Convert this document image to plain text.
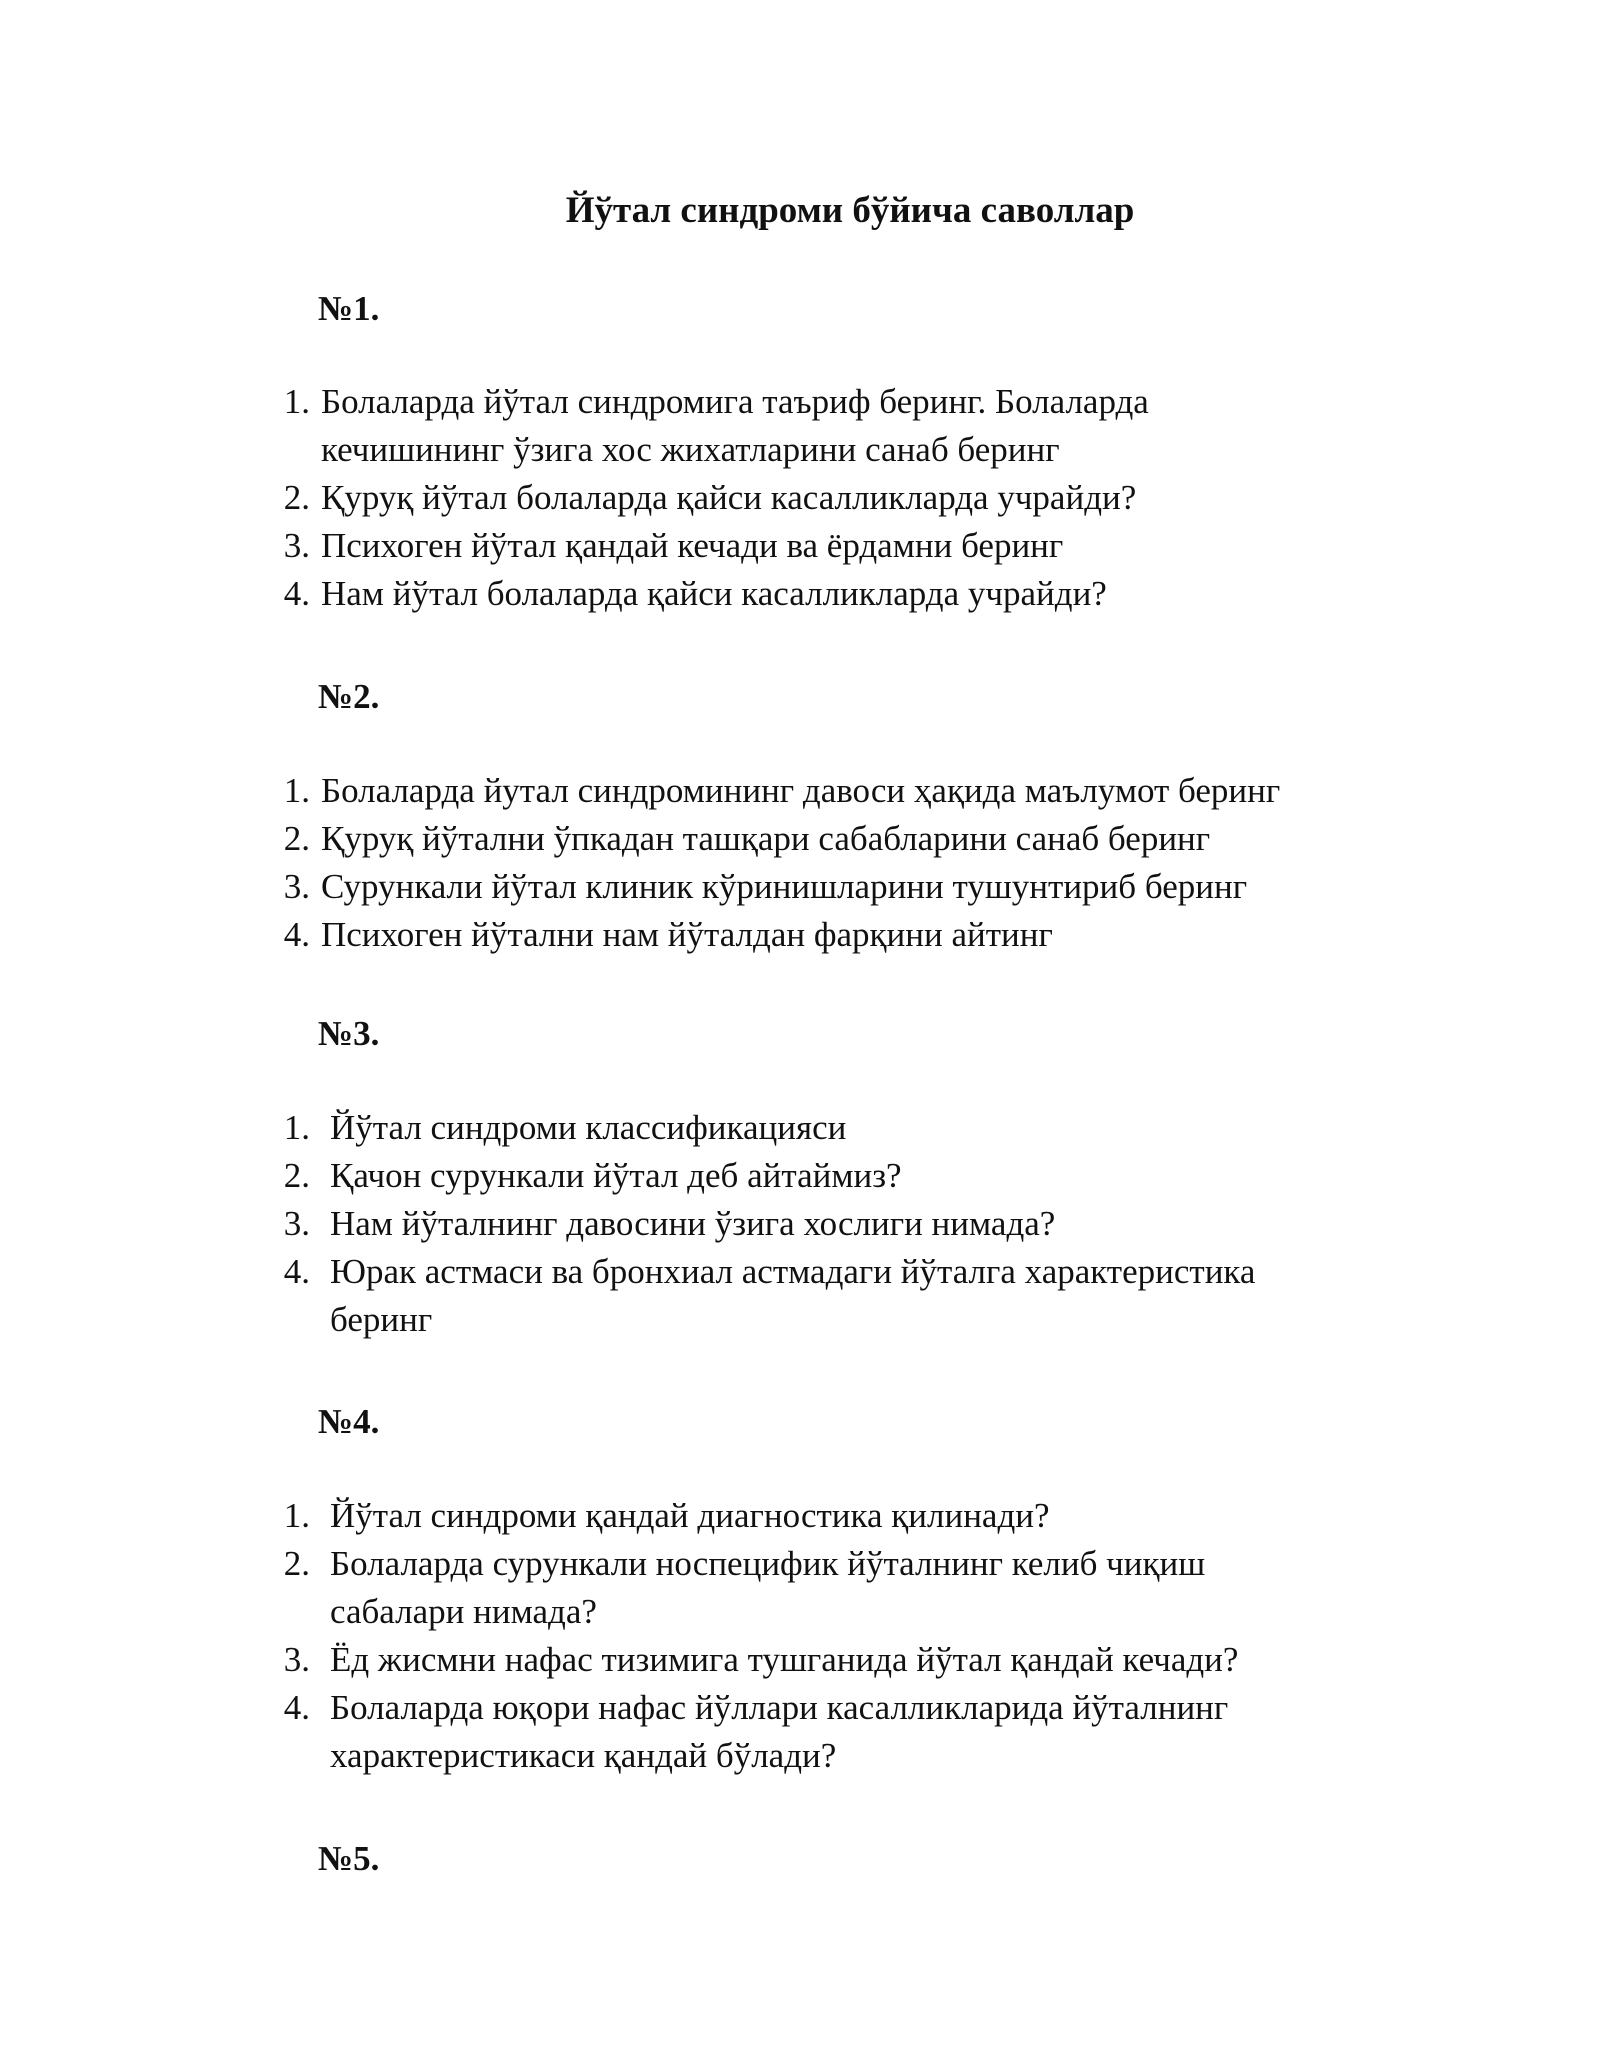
Йўтал синдроми бўйича саволлар
№1.
1. Болаларда йўтал синдромига таъриф беринг. Болаларда кечишининг ўзига хос жихатларини санаб беринг
2. Қуруқ йўтал болаларда қайси касалликларда учрайди?
3. Психоген йўтал қандай кечади ва ёрдамни беринг
4. Нам йўтал болаларда қайси касалликларда учрайди?
№2.
1. Болаларда йутал синдромининг давоси ҳақида маълумот беринг
2. Қуруқ йўтални ўпкадан ташқари сабабларини санаб беринг
3. Сурункали йўтал клиник кўринишларини тушунтириб беринг
4. Психоген йўтални нам йўталдан фарқини айтинг
№3.
1. Йўтал синдроми классификацияси
2. Қачон сурункали йўтал деб айтаймиз?
3. Нам йўталнинг давосини ўзига хослиги нимада?
4. Юрак астмаси ва бронхиал астмадаги йўталга характеристика беринг
№4.
1. Йўтал синдроми қандай диагностика қилинади?
2. Болаларда сурункали носпецифик йўталнинг келиб чиқиш сабалари нимада?
3. Ёд жисмни нафас тизимига тушганида йўтал қандай кечади?
4. Болаларда юқори нафас йўллари касалликларида йўталнинг характеристикаси қандай бўлади?
№5.
